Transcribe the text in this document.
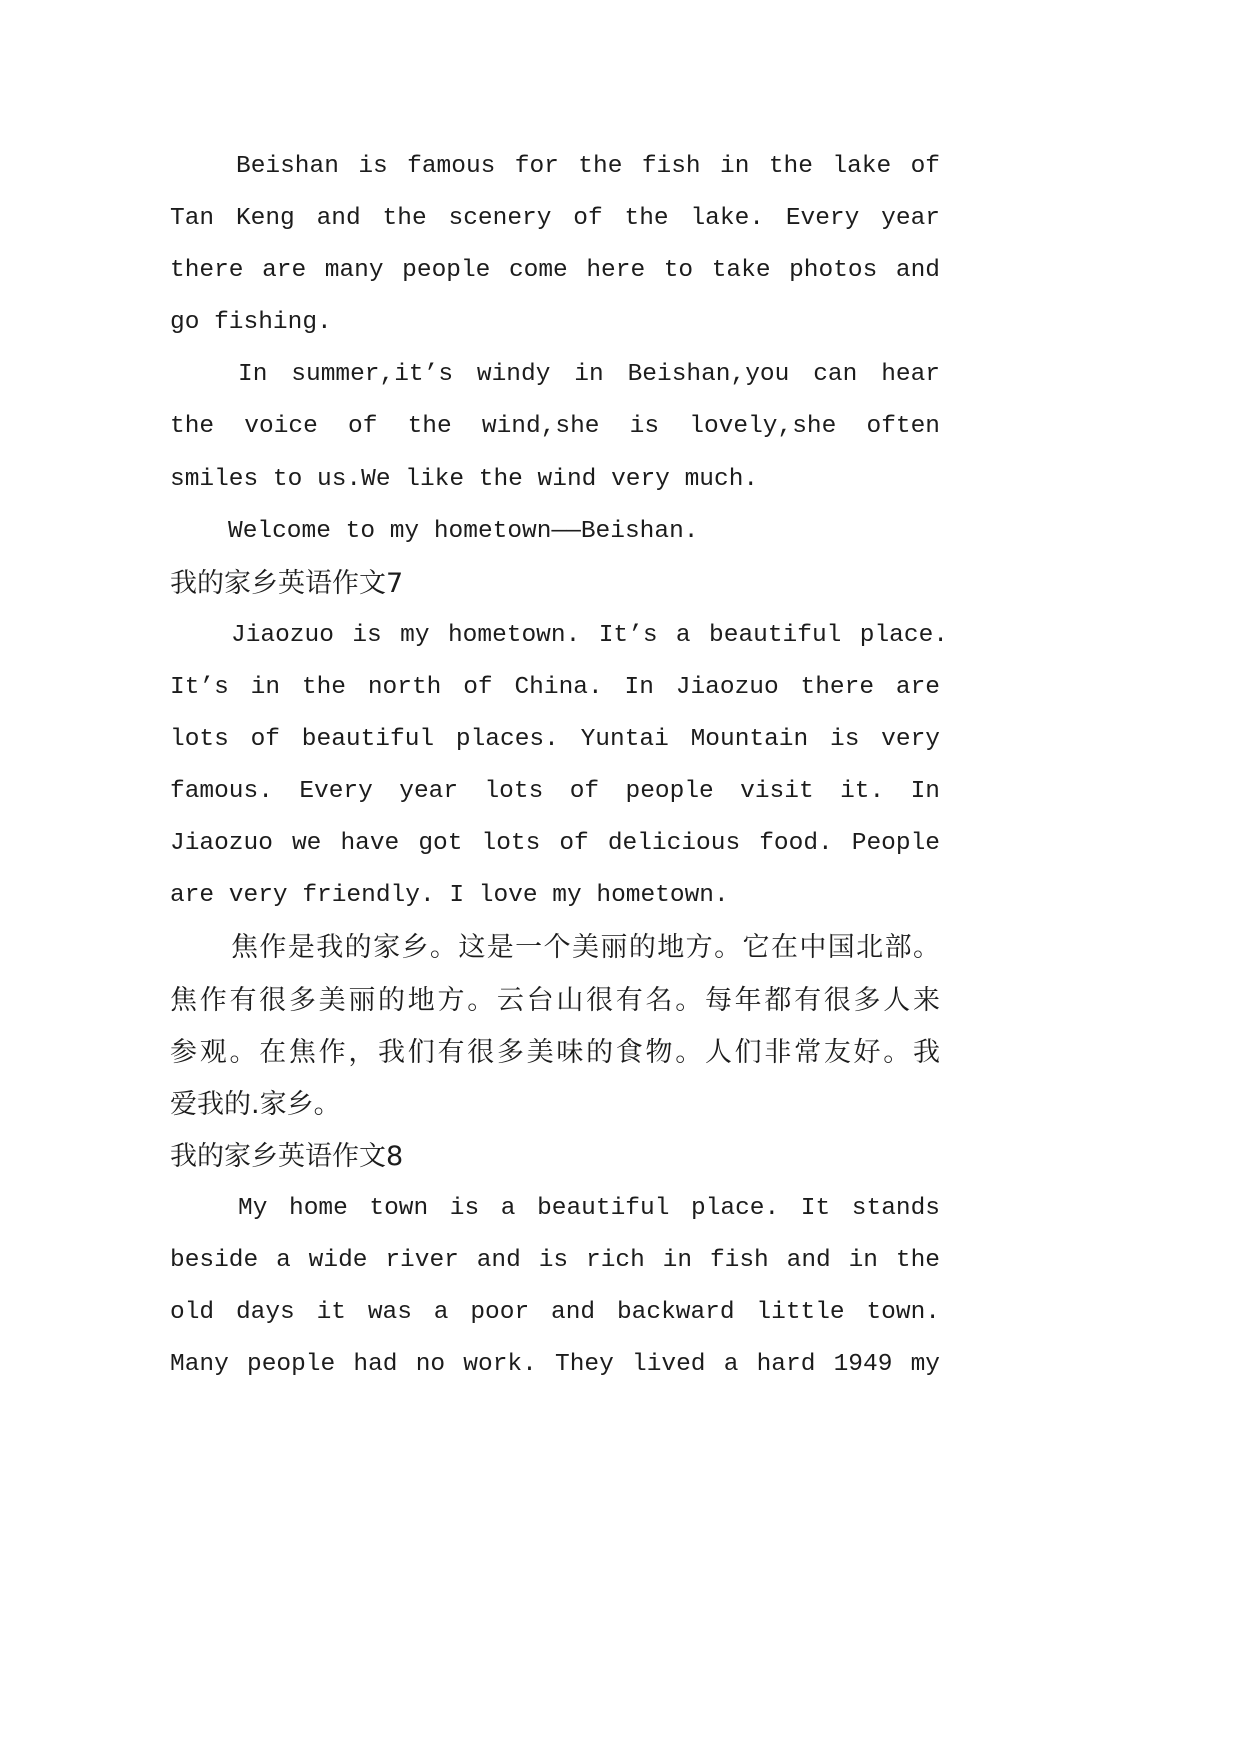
Beishan is famous for the fish in the lake of
Tan Keng and the scenery of the lake. Every year
there are many people come here to take photos and
go fishing.
In summer,it’s windy in Beishan,you can hear
the voice of the wind,she is lovely,she often
smiles to us.We like the wind very much.
Welcome to my hometown——Beishan.
我的家乡英语作文7
Jiaozuo is my hometown. It’s a beautiful place.
It’s in the north of China. In Jiaozuo there are
lots of beautiful places. Yuntai Mountain is very
famous. Every year lots of people visit it. In
Jiaozuo we have got lots of delicious food. People
are very friendly. I love my hometown.
焦作是我的家乡。这是一个美丽的地方。它在中国北部。
焦作有很多美丽的地方。云台山很有名。每年都有很多人来
参观。在焦作，我们有很多美味的食物。人们非常友好。我
爱我的.家乡。
我的家乡英语作文8
My home town is a beautiful place. It stands
beside a wide river and is rich in fish and in the
old days it was a poor and backward little town.
Many people had no work. They lived a hard 1949 my
